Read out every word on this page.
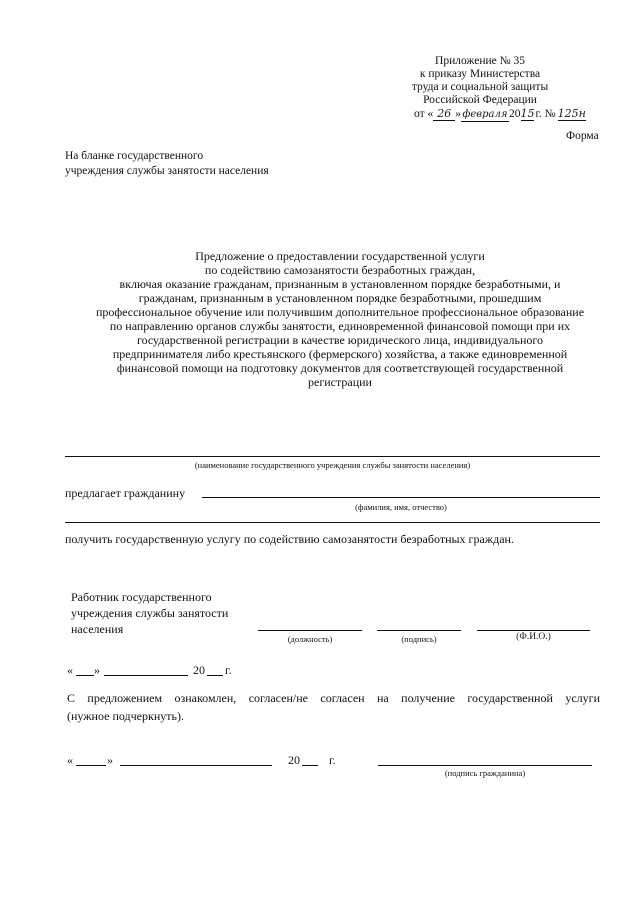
Приложение № 35
к приказу Министерства
труда и социальной защиты
Российской Федерации
от « 26 » февраля 2015г. № 125н
Форма
На бланке государственного
учреждения службы занятости населения
Предложение о предоставлении государственной услуги
по содействию самозанятости безработных граждан,
включая оказание гражданам, признанным в установленном порядке безработными, и
гражданам, признанным в установленном порядке безработными, прошедшим
профессиональное обучение или получившим дополнительное профессиональное образование
по направлению органов службы занятости, единовременной финансовой помощи при их
государственной регистрации в качестве юридического лица, индивидуального
предпринимателя либо крестьянского (фермерского) хозяйства, а также единовременной
финансовой помощи на подготовку документов для соответствующей государственной
регистрации
(наименование государственного учреждения службы занятости населения)
предлагает гражданину
(фамилия, имя, отчество)
получить государственную услугу по содействию самозанятости безработных граждан.
Работник государственного
учреждения службы занятости
населения
(должность)	(подпись)	(Ф.И.О.)
« »	20 г.
С предложением ознакомлен, согласен/не согласен на получение государственной услуги
(нужное подчеркнуть).
«	»	20 г.
(подпись гражданина)
